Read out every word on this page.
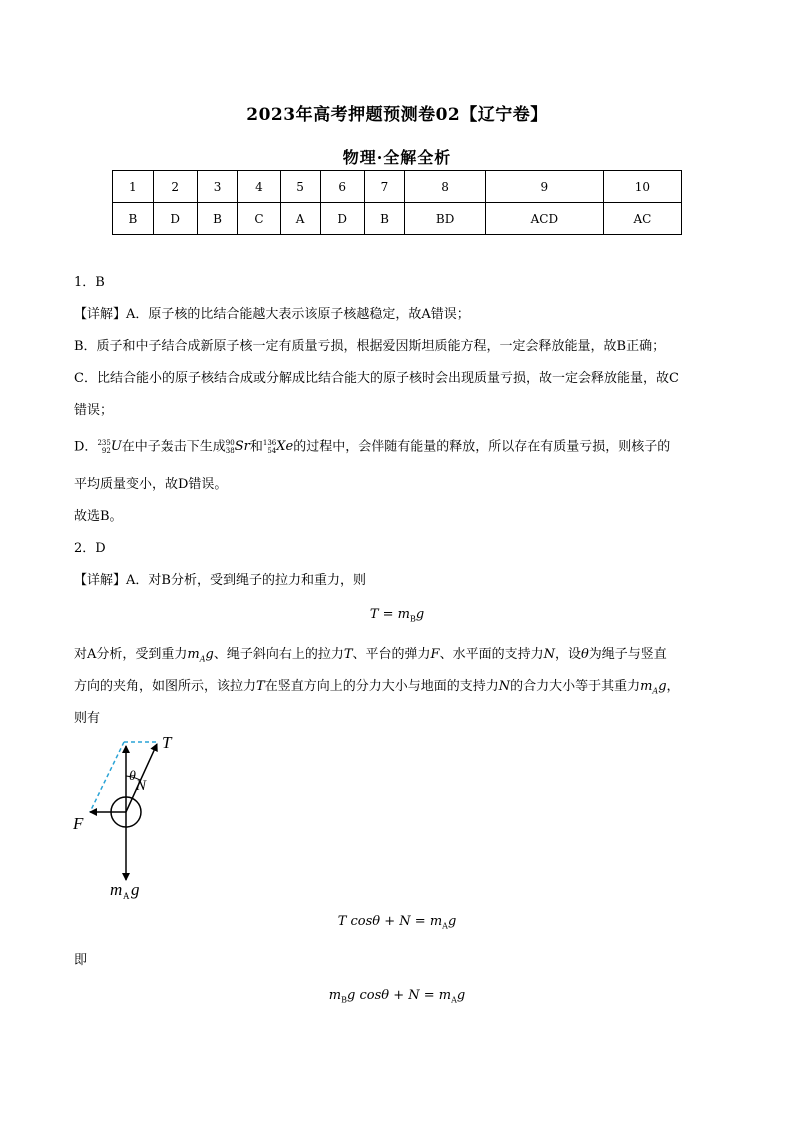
2023年高考押题预测卷02【辽宁卷】
物理·全解全析
1	2	3	4	5	6	7	8	9	10
B	D	B	C	A	D	B	BD	ACD	AC
1．B
【详解】A．原子核的比结合能越大表示该原子核越稳定，故A错误；
B．质子和中子结合成新原子核一定有质量亏损，根据爱因斯坦质能方程，一定会释放能量，故B正确；
C．比结合能小的原子核结合成或分解成比结合能大的原子核时会出现质量亏损，故一定会释放能量，故C
错误；
D． 235
92 U在中子轰击下生成 90
38 Sr和 136
54 Xe的过程中，会伴随有能量的释放，所以存在有质量亏损，则核子的
平均质量变小，故D错误。
故选B。
2．D
【详解】A．对B分析，受到绳子的拉力和重力，则
$T = m_Bg$
对A分析，受到重力$m_Ag$、绳子斜向右上的拉力T、平台的弹力F、水平面的支持力N，设θ为绳子与竖直
方向的夹角，如图所示，该拉力T在竖直方向上的分力大小与地面的支持力N的合力大小等于其重力$m_Ag$，
则有
T
θ
N
F
m A g
T $\cos\theta + N = m_Ag$
即
$m_Bg$ $\cos\theta + N = m_Ag$
